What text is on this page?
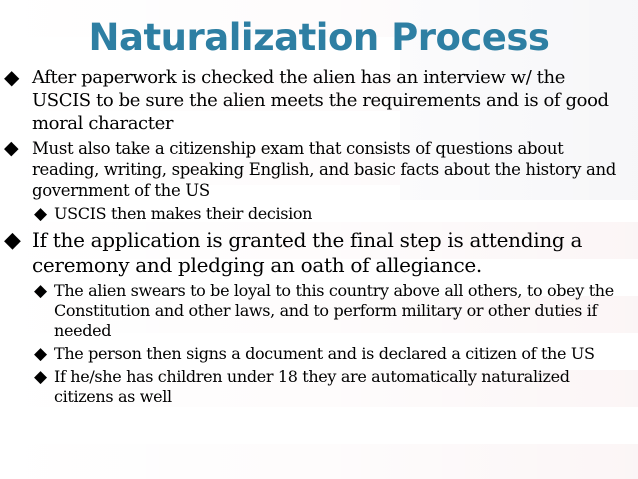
Naturalization Process
◆ After paperwork is checked the alien has an interview w/ the USCIS to be sure the alien meets the requirements and is of good moral character
◆ Must also take a citizenship exam that consists of questions about reading, writing, speaking English, and basic facts about the history and government of the US
◆ USCIS then makes their decision
◆ If the application is granted the final step is attending a ceremony and pledging an oath of allegiance.
◆ The alien swears to be loyal to this country above all others, to obey the Constitution and other laws, and to perform military or other duties if needed
◆ The person then signs a document and is declared a citizen of the US
◆ If he/she has children under 18 they are automatically naturalized citizens as well
